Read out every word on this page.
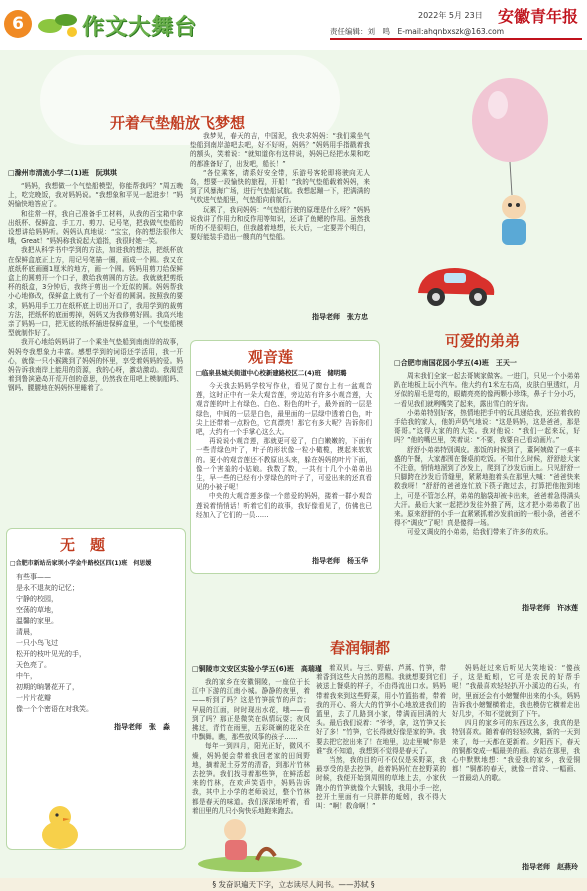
6	作文大舞台	2022年 5月 23日 安徽青年报
责任编辑：刘　鸣　E-mail:ahqnbxszk@163.com
开着气垫船放飞梦想
□滁州市清流小学二(1)班　阮琪琪

“妈妈，我想做一个气垫船模型，你能帮我吗？”周五晚上，吃完晚饭，我对妈妈说。“我想象和平见一起进步！”妈妈愉快地答应了。

和往常一样，我自己准备手工材料，从我的百宝箱中拿出纸杯、保鲜盒、手工刀、剪刀、记号笔，把我做气垫船的设想讲给妈妈听。妈妈认真地说：“宝宝，你的想法很伟大哦，Great！”妈妈称我说起大道指，我很时她一笑。

我把从科学书中学到的方法，加进我的想法，把纸杯放在保鲜盒底正上方，用记号笔描一圈，画成一个圆。我又在底纸杯底画圈1厘米的地方，画一个圆。妈妈用剪刀给保鲜盒上的圆剪开一个口子，教给我剪圆的方法。我就就把剪纸杯的纸盒，3分钟后，我终于剪出一个近似的圆。妈妈帮我小心地修改，保鲜盒上就有了一个好看的圆洞。按照我的要求，妈妈用手工刀在纸杯底上切出开口了，我用学到的裁剪方法，把纸杯的底面剪掉，妈妈又为我修剪好圆。我高兴地亲了妈妈一口，把无底的纸杯插进保鲜盒里，一个气垫船模型就制作好了。

我开心地给妈妈讲了一个乘坐气垫船到南南岸的故事，妈妈夸我想象力丰富。感想学到的词语还学活用，我一开心，就像一只小猴跳到了妈妈的怀里，享受着妈妈的爱。妈妈告诉我南岸上能用的资源，我的心呀，激动激动。我渴望着到鲁滨逊岛开荒开创的意思，仍然我在用吧上模制船吗、钢吗、腰腰地在妈妈怀里睡着了。

我梦见，春天的吉，中国泥，我央求妈妈：“我们乘坐气垫船到南岸游吧去吧，好不好呀，妈妈？”妈妈用手指戳着我的额头，笑着说：“就知道你有这样说，妈妈已经把水果和吃的都准备好了，出发吧，船长！”

“各位乘客，请系好安全带，乐游号客轮即将驶向无人岛，想要一段愉快的旅程，开船！”我的气垫船载着妈妈，来到了风暴海广场，进行气垫船试航。我想起蹦一下，把满满的气吹进气垫船里，气垫船向前航行。

玩累了，我问妈妈：“气垫船行驶的原理是什么呀？”妈妈说我讲了作用力和反作用等知识，还讲了鱼鳃的作用。虽然我听的不是很明白，但我越着地想，长大后，一定要弄个明白，要好能装手造出一艘真的气垫船。

指导老师　张方忠
观音莲
□临泉县城关街道中心校新建路校区二(4)班　储明璐

今天我去妈妈学校写作业，看见了窗台上有一盆观音莲，这时正中有一朵大观音莲，旁边站有许多小观音莲，大观音莲的叶上有绿色、白色、粉色的叶子，最外面的一层是绿色，中间的一层是白色，最里面的一层绿中透着白色，叶尖上还带着一点粉色，它真漂亮！那它有多大呢？告诉你们吧，大约有一个手掌心这么大。

再说说小观音莲，那就更可爱了，白白嫩嫩的，下面有一些青绿色叶了，叶子的形状像一粒小橄榄，摸起来软软的。更小的观音莲还不教原出头来，躲在妈妈的叶片下面，像一个害羞的小姑娘。我数了数，一共有十几个小弟弟出生，早一些的已经有小芽绿色的叶子了，可爱出来的还真看见的小被子呢！

中央的大观音莲多像一个慈爱的妈妈，搂着一群小观音莲说着悄悄话！听着它们的故事，我好像看见了，仿佛也已经加入了它们的一员……

指导老师　杨玉华
无　题
□合肥市新站岳家坝小学金牛路校区四(1)班　何思媛
有些事——
是永不退灰的记忆；
宁静的校园，
空荡的草地，
温馨的家里。
清晨，
一只小鸟飞过
松开的枝叶见光的手，
天色亮了。
中午，
初期的晌署花开了，
一片片花瓣
像一个个密语在对我笑。
指导老师　张　淼
可爱的弟弟
□合肥市南国花园小学五(4)班　王天一

周末我们全家一起去哥姨家做客。一进门，只见一个小弟弟趴在地板上玩小汽车。他大约有1米左右高，皮肤白里透红，月牙似的眉毛是弯的，眼睛亮亮的像两颗小珍珠，鼻子十分小巧，一看见我们就咧嘴笑了起来，露出雪白的牙齿。

小弟弟特别好客，热情地把手中的玩具递给我，还拉着我的手给我的家人，他奶声奶气地说：“这是妈妈，这是爸爸，那是哥哥。”这得大家的的大笑。我对他说：“我们一起来玩，好吗？”他的嘴巴里，笑着说：“不要，我要自己看动画片。”

舒舒小弟弟特别调皮。那饭的时候到了，董阿姨做了一桌丰盛的午餐，大家都围在餐桌前吃饭。不知什么时候，舒舒趁大家不注意，悄悄地溜到了沙发上，爬到了沙发后面上。只见舒舒一只脚跨在沙发后背缝里，紧紧地抱着头在那里大喊：“爸爸快来救我呀！”舒舒的爸爸连忙放下筷子跑过去，打算把他抱到地上，可是不管怎么样，弟弟的脑袋却被卡出来，爸爸着急得满头大汗。最后大家一起把沙发往外推了两，这才把小弟弟救了出来。原来舒舒的小手一直紧紧抓着沙发前面的一根小条，爸爸不得不“调皮”了呢！真是傻得一场。

可爱又调皮的小弟弟，给我们带来了许多的欢乐。

指导老师　许冰莲
春润铜都
□铜陵市文安区实验小学五(6)班　高瑞瑾

我的家乡在安徽铜陵，一座位于长江中下游的江南小城。静静的夜里，着——听到了吗？这是竹笋拔节的声音；早晨的江面，时时现出水花，哦——看到了吗？那正是微笑在纵情玩耍；夜风拂过，青竹在雨里，五彩斑斓的花朵在中飘舞。瞧，那些放风筝的孩子……

每年一到四月，阳光正好，微风不燥，妈妈便会带着我回老家的田间野地，摘着泥土芬芳的清香，到那片竹林去挖笋。我们找寻着那些笋，在鲜活起来的竹林，在欢声笑语中，妈妈告诉我，其中上小学的老师说过，整个竹林都是春天的味道。我们深深地呼着，看着田里的几只小狗快乐地跑来跑去。

着双贝。与三、野菇、芦蒿、竹笋，带着香到这些大自然的恩赐。我就想要到它们被送上餐桌的样子，不由得流出口水。妈妈带着我来到这些野菜，用小竹篮掐着，带着我的开心、将大大的竹笋小心地放进我们的篮里，去了几路到小家，带满而回满的大头。最后我们说着：“爷爷，拿，这竹笋又长好了多！”竹笋，它长得就好像是家的笋。我要去把它挖出来了！在地里，边走里喊“你是谁”我不知道，我想到不觉得是春天了。

当然，我的目的可不仅仅是采野菜，我最享受的是去挖笋，趁着妈妈忙在挖野菜的时候，我便开始到周围的草地上去，小家伙跑小的竹笋就像个大铜钱，我用小手一挖，挖开土里面有一只胖胖的蚯蚓，我不得大叫：“啊！救命啊！”

妈妈赶过来后听见大笑地说：“傻孩子，这是蚯蚓，它可是农民的好帮手呢！”我最喜欢轻轻扒开小溪边的石头，有时，里面还会有小螃蟹伸出来的小头，妈妈告诉我小螃蟹横着走，我也模仿它横着走出好几步，不知不觉就到了下午。

四月的家乡可的东西这么多，我真的是特别喜欢。随着春的轻轻吹拂，新的一天到来了，每一天都在更新着。夕阳西下，春天的铜都变成一幅最美的画。我站在那里，我心中默默地想：“我爱我的家乡，我爱铜都！”铜都的春天，就像一首诗、一幅画、一首最动人的歌。

指导老师　赵燕玲
§ 发奋识遍天下字，立志读尽人间书。——苏轼 §
